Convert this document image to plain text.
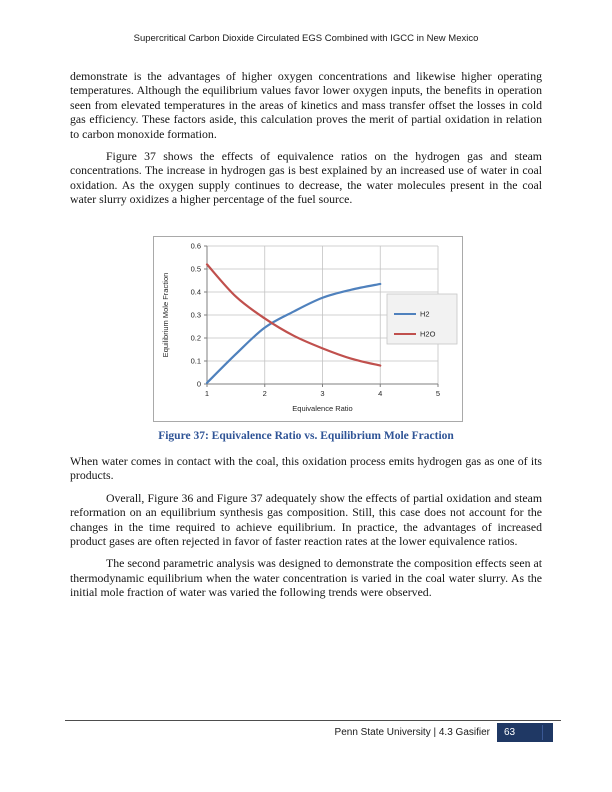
Supercritical Carbon Dioxide Circulated EGS Combined with IGCC in New Mexico

demonstrate is the advantages of higher oxygen concentrations and likewise higher operating temperatures. Although the equilibrium values favor lower oxygen inputs, the benefits in operation seen from elevated temperatures in the areas of kinetics and mass transfer offset the losses in cold gas efficiency. These factors aside, this calculation proves the merit of partial oxidation in relation to carbon monoxide formation.

Figure 37 shows the effects of equivalence ratios on the hydrogen gas and steam concentrations. The increase in hydrogen gas is best explained by an increased use of water in coal oxidation. As the oxygen supply continues to decrease, the water molecules present in the coal water slurry oxidizes a higher percentage of the fuel source.

1	2	3	4	5
0
0.1
0.2
0.3
0.4
0.5
0.6
Equivalence Ratio
Equilibrium Mole Fraction	H2
H2O
Figure 37: Equivalence Ratio vs. Equilibrium Mole Fraction

When water comes in contact with the coal, this oxidation process emits hydrogen gas as one of its products.

Overall, Figure 36 and Figure 37 adequately show the effects of partial oxidation and steam reformation on an equilibrium synthesis gas composition. Still, this case does not account for the changes in the time required to achieve equilibrium. In practice, the advantages of increased product gases are often rejected in favor of faster reaction rates at the lower equivalence ratios.

The second parametric analysis was designed to demonstrate the composition effects seen at thermodynamic equilibrium when the water concentration is varied in the coal water slurry. As the initial mole fraction of water was varied the following trends were observed.

Penn State University | 4.3 Gasifier 63
